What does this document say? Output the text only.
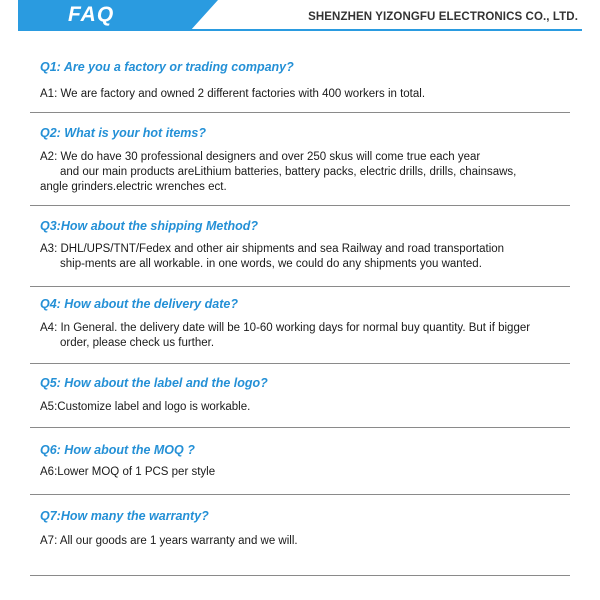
FAQ	SHENZHEN YIZONGFU ELECTRONICS CO., LTD.
Q1: Are you a factory or trading company?
A1: We are factory and owned 2 different factories with 400 workers in total.
Q2: What is your hot items?
A2: We do have 30 professional designers and over 250 skus will come true each year
and our main products areLithium batteries, battery packs, electric drills, drills, chainsaws,
angle grinders.electric wrenches ect.
Q3:How about the shipping Method?
A3: DHL/UPS/TNT/Fedex and other air shipments and sea Railway and road transportation
ship-ments are all workable. in one words, we could do any shipments you wanted.
Q4: How about the delivery date?
A4: In General. the delivery date will be 10-60 working days for normal buy quantity. But if bigger
order, please check us further.
Q5: How about the label and the logo?
A5:Customize label and logo is workable.
Q6: How about the MOQ ?
A6:Lower MOQ of 1 PCS per style
Q7:How many the warranty?
A7: All our goods are 1 years warranty and we will.
